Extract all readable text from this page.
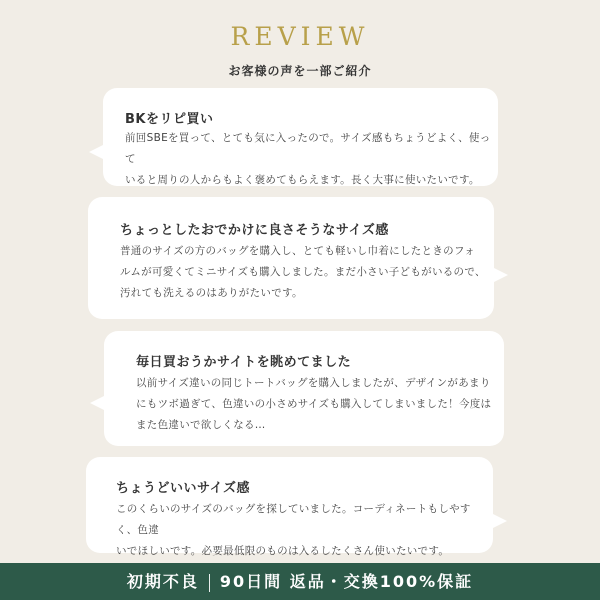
REVIEW
お客様の声を一部ご紹介
BKをリピ買い
前回SBEを買って、とても気に入ったので。サイズ感もちょうどよく、使って
いると周りの人からもよく褒めてもらえます。長く大事に使いたいです。
ちょっとしたおでかけに良さそうなサイズ感
普通のサイズの方のバッグを購入し、とても軽いし巾着にしたときのフォ
ルムが可愛くてミニサイズも購入しました。まだ小さい子どもがいるので、
汚れても洗えるのはありがたいです。
毎日買おうかサイトを眺めてました
以前サイズ違いの同じトートバッグを購入しましたが、デザインがあまり
にもツボ過ぎて、色違いの小さめサイズも購入してしまいました！今度は
また色違いで欲しくなる…
ちょうどいいサイズ感
このくらいのサイズのバッグを探していました。コーディネートもしやすく、色違
いでほしいです。必要最低限のものは入るしたくさん使いたいです。
初期不良 90日間 返品・交換100%保証
